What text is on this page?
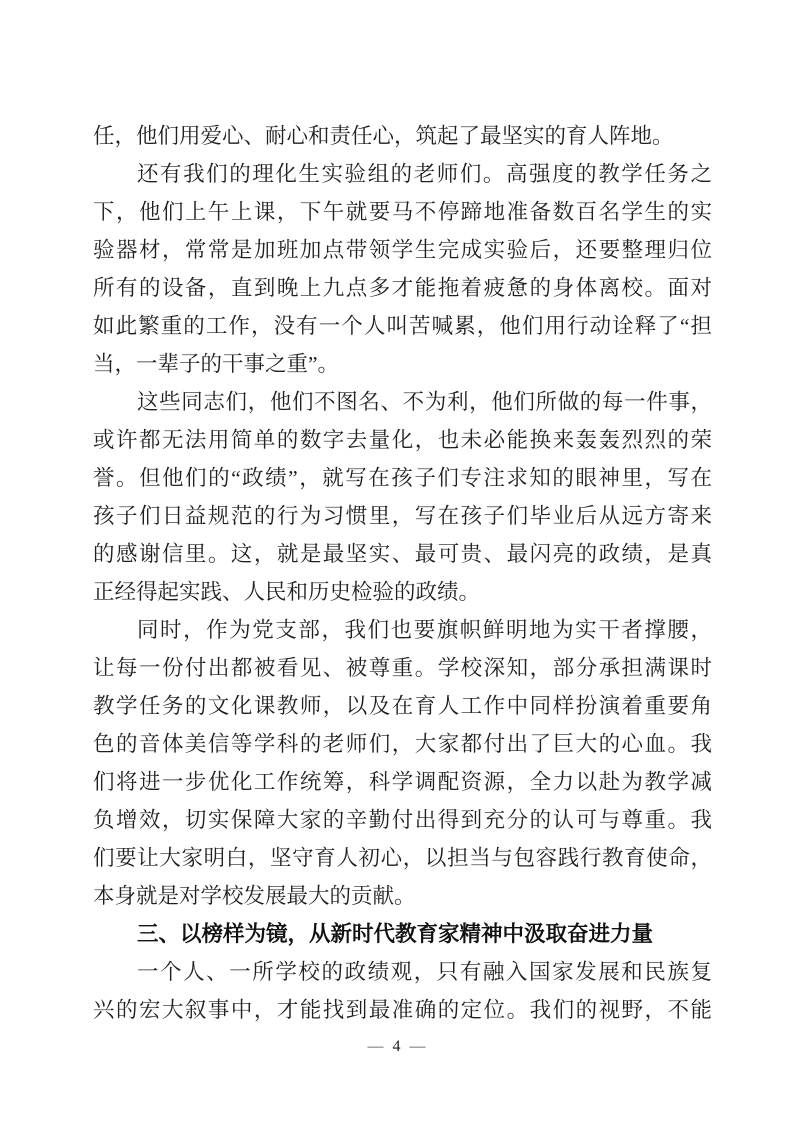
任，他们用爱心、耐心和责任心，筑起了最坚实的育人阵地。
还有我们的理化生实验组的老师们。高强度的教学任务之
下，他们上午上课，下午就要马不停蹄地准备数百名学生的实
验器材，常常是加班加点带领学生完成实验后，还要整理归位
所有的设备，直到晚上九点多才能拖着疲惫的身体离校。面对
如此繁重的工作，没有一个人叫苦喊累，他们用行动诠释了“担
当，一辈子的干事之重”。
这些同志们，他们不图名、不为利，他们所做的每一件事，
或许都无法用简单的数字去量化，也未必能换来轰轰烈烈的荣
誉。但他们的“政绩”，就写在孩子们专注求知的眼神里，写在
孩子们日益规范的行为习惯里，写在孩子们毕业后从远方寄来
的感谢信里。这，就是最坚实、最可贵、最闪亮的政绩，是真
正经得起实践、人民和历史检验的政绩。
同时，作为党支部，我们也要旗帜鲜明地为实干者撑腰，
让每一份付出都被看见、被尊重。学校深知，部分承担满课时
教学任务的文化课教师，以及在育人工作中同样扮演着重要角
色的音体美信等学科的老师们，大家都付出了巨大的心血。我
们将进一步优化工作统筹，科学调配资源，全力以赴为教学减
负增效，切实保障大家的辛勤付出得到充分的认可与尊重。我
们要让大家明白，坚守育人初心，以担当与包容践行教育使命，
本身就是对学校发展最大的贡献。
三、以榜样为镜，从新时代教育家精神中汲取奋进力量
一个人、一所学校的政绩观，只有融入国家发展和民族复
兴的宏大叙事中，才能找到最准确的定位。我们的视野，不能
— 4 —
